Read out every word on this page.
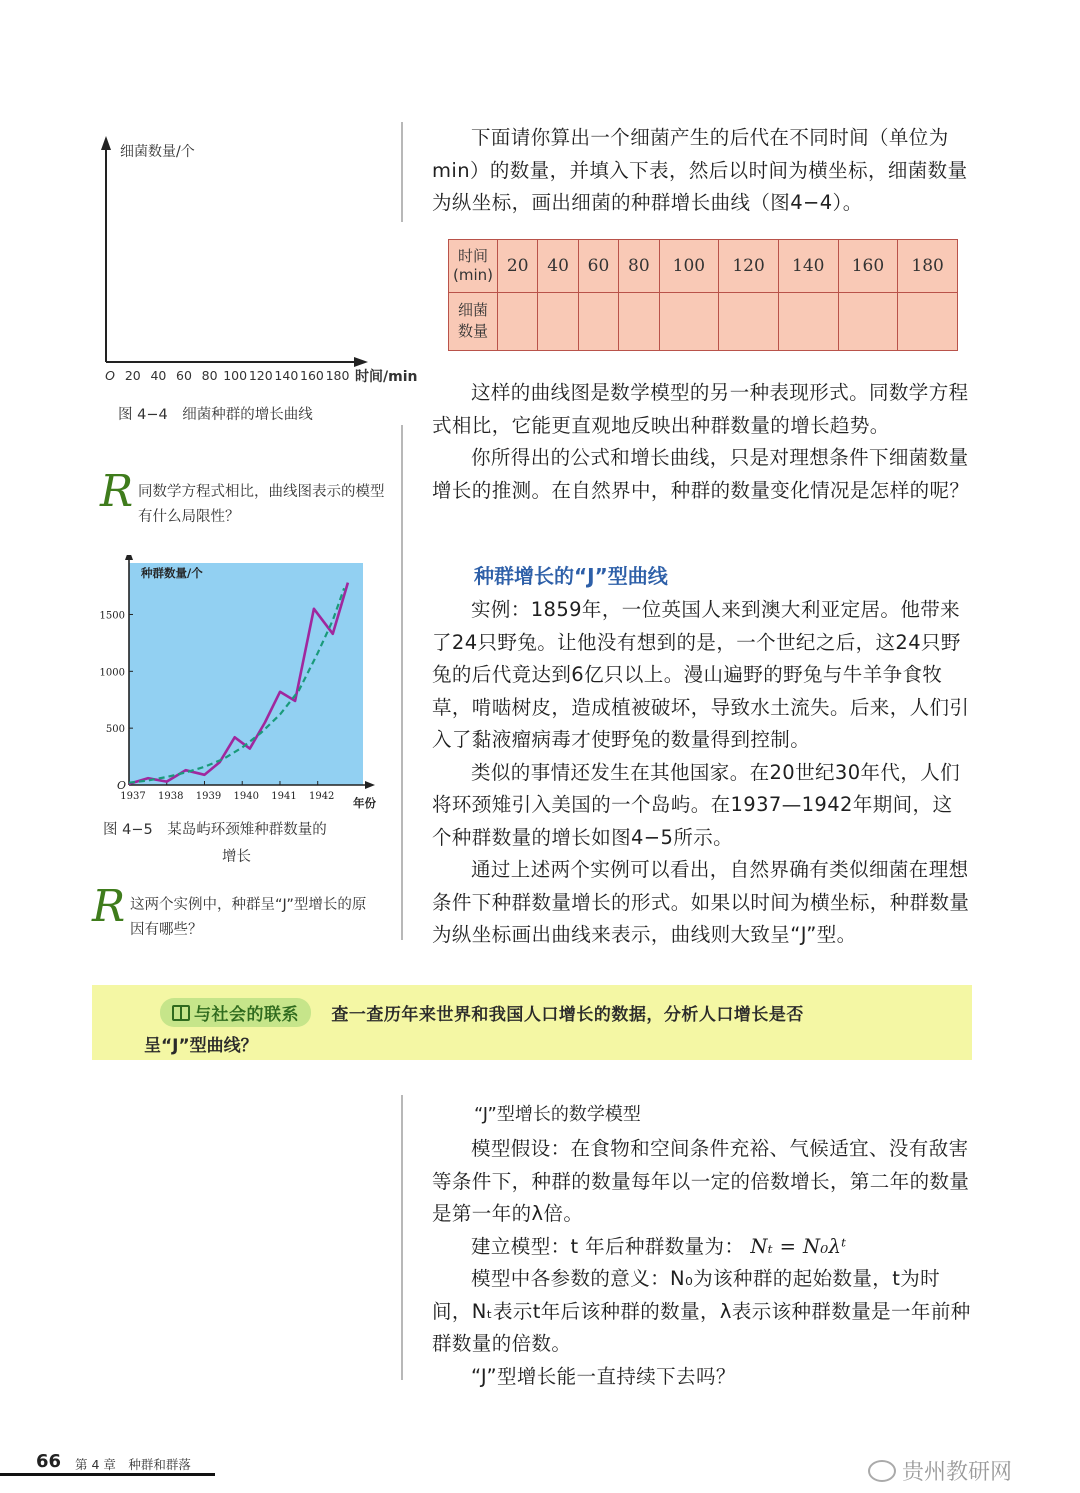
细菌数量/个
O 20 40 60 80 100 120 140 160 180 时间/min
图 4−4　细菌种群的增长曲线

下面请你算出一个细菌产生的后代在不同时间（单位为min）的数量，并填入下表，然后以时间为横坐标，细菌数量为纵坐标，画出细菌的种群增长曲线（图4−4）。

时间
(min)	20	40	60	80	100	120	140	160	180
细菌
数量									

这样的曲线图是数学模型的另一种表现形式。同数学方程式相比，它能更直观地反映出种群数量的增长趋势。

你所得出的公式和增长曲线，只是对理想条件下细菌数量增长的推测。在自然界中，种群的数量变化情况是怎样的呢？

R 同数学方程式相比，曲线图表示的模型有什么局限性？
种群增长的“J”型曲线

实例：1859年，一位英国人来到澳大利亚定居。他带来了24只野兔。让他没有想到的是，一个世纪之后，这24只野兔的后代竟达到6亿只以上。漫山遍野的野兔与牛羊争食牧草，啃啮树皮，造成植被破坏，导致水土流失。后来，人们引入了黏液瘤病毒才使野兔的数量得到控制。

类似的事情还发生在其他国家。在20世纪30年代，人们将环颈雉引入美国的一个岛屿。在1937—1942年期间，这个种群数量的增长如图4−5所示。

通过上述两个实例可以看出，自然界确有类似细菌在理想条件下种群数量增长的形式。如果以时间为横坐标，种群数量为纵坐标画出曲线来表示，曲线则大致呈“J”型。

O
500
1000
1500
1937 1938 1939 1940 1941 1942
种群数量/个
年份
图 4−5　某岛屿环颈雉种群数量的
增长
R 这两个实例中，种群呈“J”型增长的原因有哪些？
与社会的联系 查一查历年来世界和我国人口增长的数据，分析人口增长是否
呈“J”型曲线？
“J”型增长的数学模型

模型假设：在食物和空间条件充裕、气候适宜、没有敌害等条件下，种群的数量每年以一定的倍数增长，第二年的数量是第一年的λ倍。

建立模型：t 年后种群数量为： Nₜ = N₀λᵗ

模型中各参数的意义：N₀为该种群的起始数量，t为时间，Nₜ表示t年后该种群的数量，λ表示该种群数量是一年前种群数量的倍数。

“J”型增长能一直持续下去吗？

66 第 4 章　种群和群落	贵州教研网
